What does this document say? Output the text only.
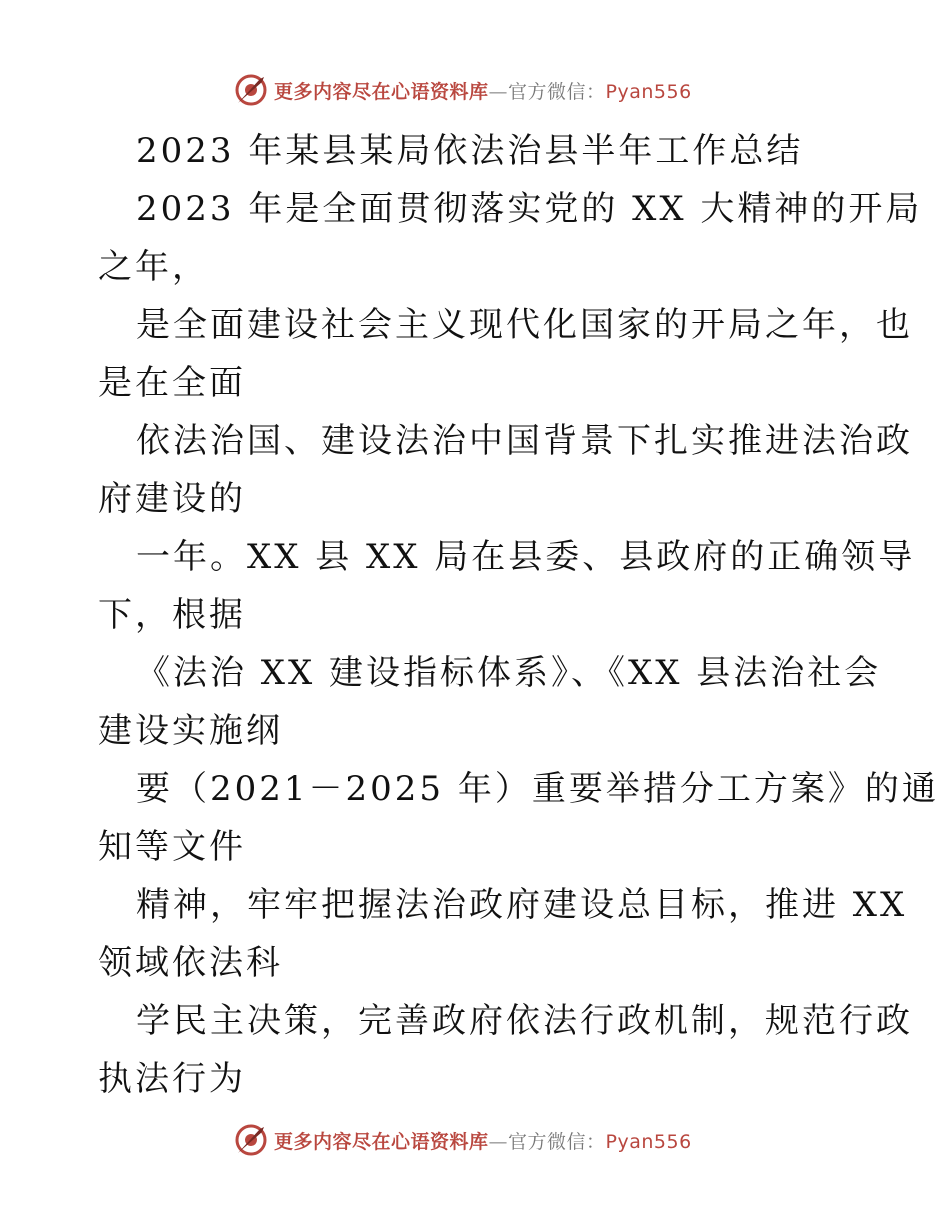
更多内容尽在心语资料库—官方微信：Pyan556
2023 年某县某局依法治县半年工作总结
2023 年是全面贯彻落实党的 XX 大精神的开局
之年，
是全面建设社会主义现代化国家的开局之年，也
是在全面
依法治国、建设法治中国背景下扎实推进法治政
府建设的
一年。XX 县 XX 局在县委、县政府的正确领导
下，根据
《法治 XX 建设指标体系》、《XX 县法治社会
建设实施纲
要（2021－2025 年）重要举措分工方案》的通
知等文件
精神，牢牢把握法治政府建设总目标，推进 XX
领域依法科
学民主决策，完善政府依法行政机制，规范行政
执法行为
更多内容尽在心语资料库—官方微信：Pyan556
